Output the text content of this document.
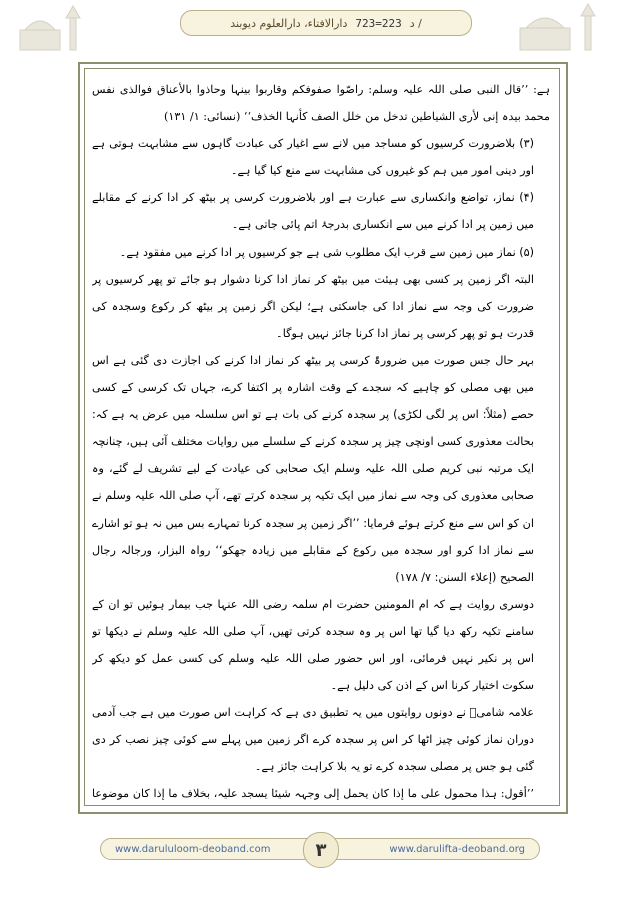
دارالافتاء، دارالعلوم دیوبند 723=223 د /

ہے: ’’قال النبی صلی اللہ علیہ وسلم: راصّوا صفوفکم وقاربوا بینہا وحاذوا بالأعناق فوالذی نفس محمد بیدہ إنی لأری الشیاطین تدخل من خلل الصف کأنہا الخذف‘‘ (نسائی: ۱/ ۱۳۱)

(۳) بلاضرورت کرسیوں کو مساجد میں لانے سے اغیار کی عبادت گاہوں سے مشابہت ہوتی ہے اور دینی امور میں ہم کو غیروں کی مشابہت سے منع کیا گیا ہے۔

(۴) نماز، تواضع وانکساری سے عبارت ہے اور بلاضرورت کرسی پر بیٹھ کر ادا کرنے کے مقابلے میں زمین پر ادا کرنے میں سے انکساری بدرجۂ اتم پائی جاتی ہے۔

(۵) نماز میں زمین سے قرب ایک مطلوب شی ہے جو کرسیوں پر ادا کرنے میں مفقود ہے۔

البتہ اگر زمین پر کسی بھی ہیئت میں بیٹھ کر نماز ادا کرنا دشوار ہو جائے تو پھر کرسیوں پر ضرورت کی وجہ سے نماز ادا کی جاسکتی ہے؛ لیکن اگر زمین پر بیٹھ کر رکوع وسجدہ کی قدرت ہو تو پھر کرسی پر نماز ادا کرنا جائز نہیں ہوگا۔

بہر حال جس صورت میں ضرورۃً کرسی پر بیٹھ کر نماز ادا کرنے کی اجازت دی گئی ہے اس میں بھی مصلی کو چاہیے کہ سجدے کے وقت اشارہ پر اکتفا کرے، جہاں تک کرسی کے کسی حصے (مثلاً: اس پر لگی لکڑی) پر سجدہ کرنے کی بات ہے تو اس سلسلہ میں عرض یہ ہے کہ: بحالت معذوری کسی اونچی چیز پر سجدہ کرنے کے سلسلے میں روایات مختلف آئی ہیں، چنانچہ ایک مرتبہ نبی کریم صلی اللہ علیہ وسلم ایک صحابی کی عیادت کے لیے تشریف لے گئے، وہ صحابی معذوری کی وجہ سے نماز میں ایک تکیہ پر سجدہ کرتے تھے، آپ صلی اللہ علیہ وسلم نے ان کو اس سے منع کرتے ہوئے فرمایا: ’’اگر زمین پر سجدہ کرنا تمہارے بس میں نہ ہو تو اشارے سے نماز ادا کرو اور سجدہ میں رکوع کے مقابلے میں زیادہ جھکو‘‘ رواہ البزار، ورجالہ رجال الصحیح (إعلاء السنن: ۷/ ۱۷۸)

دوسری روایت ہے کہ ام المومنین حضرت ام سلمہ رضی اللہ عنہا جب بیمار ہوئیں تو ان کے سامنے تکیہ رکھ دیا گیا تھا اس پر وہ سجدہ کرتی تھیں، آپ صلی اللہ علیہ وسلم نے دیکھا تو اس پر نکیر نہیں فرمائی، اور اس حضور صلی اللہ علیہ وسلم کی کسی عمل کو دیکھ کر سکوت اختیار کرنا اس کے اذن کی دلیل ہے۔

علامہ شامیؒ نے دونوں روایتوں میں یہ تطبیق دی ہے کہ کراہت اس صورت میں ہے جب آدمی دوران نماز کوئی چیز اٹھا کر اس پر سجدہ کرے اگر زمین میں پہلے سے کوئی چیز نصب کر دی گئی ہو جس پر مصلی سجدہ کرے تو یہ بلا کراہت جائز ہے۔

’’أقول: ہذا محمول علی ما إذا کان یحمل إلی وجہہ شیئا یسجد علیہ، بخلاف ما إذا کان موضوعا

www.darululoom-deoband.com	www.darulifta-deoband.org
۳
